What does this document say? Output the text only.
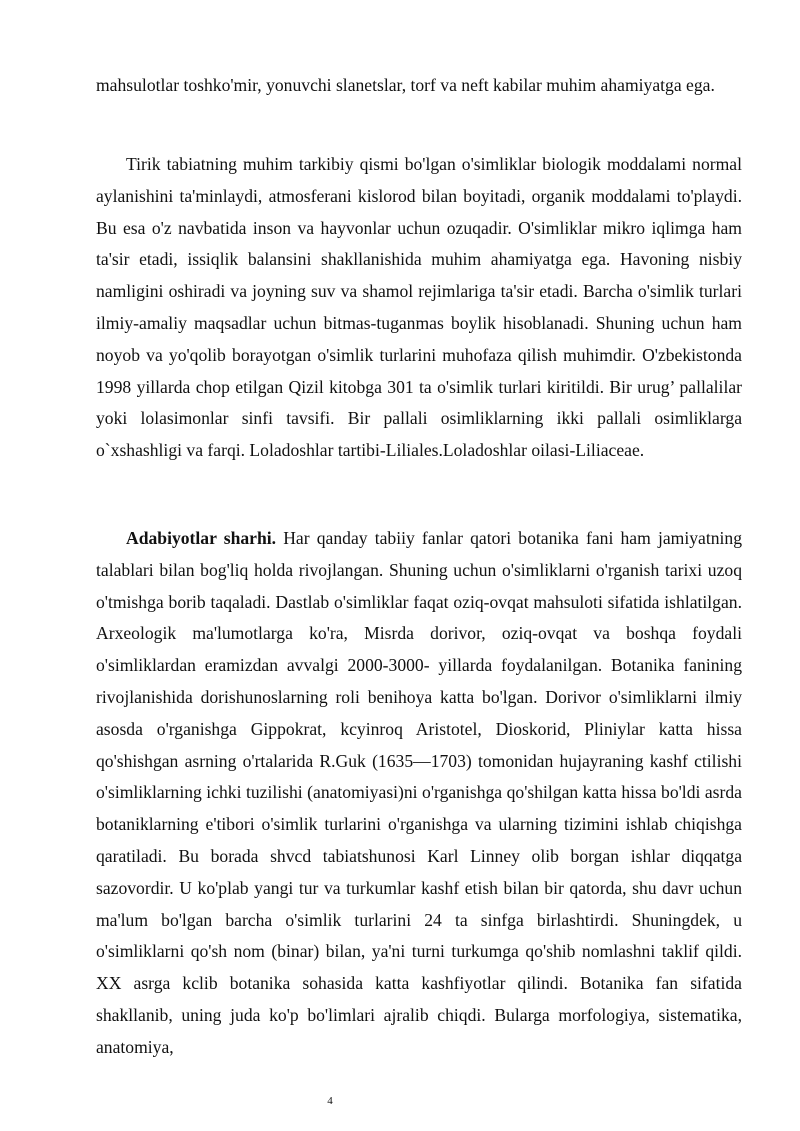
mahsulotlar toshko'mir, yonuvchi slanetslar, torf va neft kabilar muhim ahamiyatga ega.

Tirik tabiatning muhim tarkibiy qismi bo'lgan o'simliklar biologik moddalami normal aylanishini ta'minlaydi, atmosferani kislorod bilan boyitadi, organik moddalami to'playdi. Bu esa o'z navbatida inson va hayvonlar uchun ozuqadir. O'simliklar mikro iqlimga ham ta'sir etadi, issiqlik balansini shakllanishida muhim ahamiyatga ega. Havoning nisbiy namligini oshiradi va joyning suv va shamol rejimlariga ta'sir etadi. Barcha o'simlik turlari ilmiy-amaliy maqsadlar uchun bitmas-tuganmas boylik hisoblanadi. Shuning uchun ham noyob va yo'qolib borayotgan o'simlik turlarini muhofaza qilish muhimdir. O'zbekistonda 1998 yillarda chop etilgan Qizil kitobga 301 ta o'simlik turlari kiritildi. Bir urug’ pallalilar yoki lolasimonlar sinfi tavsifi. Bir pallali osimliklarning ikki pallali osimliklarga o`xshashligi va farqi. Loladoshlar tartibi-Liliales.Loladoshlar oilasi-Liliaceae.

Adabiyotlar sharhi. Har qanday tabiiy fanlar qatori botanika fani ham jamiyatning talablari bilan bog'liq holda rivojlangan. Shuning uchun o'simliklarni o'rganish tarixi uzoq o'tmishga borib taqaladi. Dastlab o'simliklar faqat oziq-ovqat mahsuloti sifatida ishlatilgan. Arxeologik ma'lumotlarga ko'ra, Misrda dorivor, oziq-ovqat va boshqa foydali o'simliklardan eramizdan avvalgi 2000-3000- yillarda foydalanilgan. Botanika fanining rivojlanishida dorishunoslarning roli benihoya katta bo'lgan. Dorivor o'simliklarni ilmiy asosda o'rganishga Gippokrat, kcyinroq Aristotel, Dioskorid, Pliniylar katta hissa qo'shishgan asrning o'rtalarida R.Guk (1635—1703) tomonidan hujayraning kashf ctilishi o'simliklarning ichki tuzilishi (anatomiyasi)ni o'rganishga qo'shilgan katta hissa bo'ldi asrda botaniklarning e'tibori o'simlik turlarini o'rganishga va ularning tizimini ishlab chiqishga qaratiladi. Bu borada shvcd tabiatshunosi Karl Linney olib borgan ishlar diqqatga sazovordir. U ko'plab yangi tur va turkumlar kashf etish bilan bir qatorda, shu davr uchun ma'lum bo'lgan barcha o'simlik turlarini 24 ta sinfga birlashtirdi. Shuningdek, u o'simliklarni qo'sh nom (binar) bilan, ya'ni turni turkumga qo'shib nomlashni taklif qildi. XX asrga kclib botanika sohasida katta kashfiyotlar qilindi. Botanika fan sifatida shakllanib, uning juda ko'p bo'limlari ajralib chiqdi. Bularga morfologiya, sistematika, anatomiya,

4
